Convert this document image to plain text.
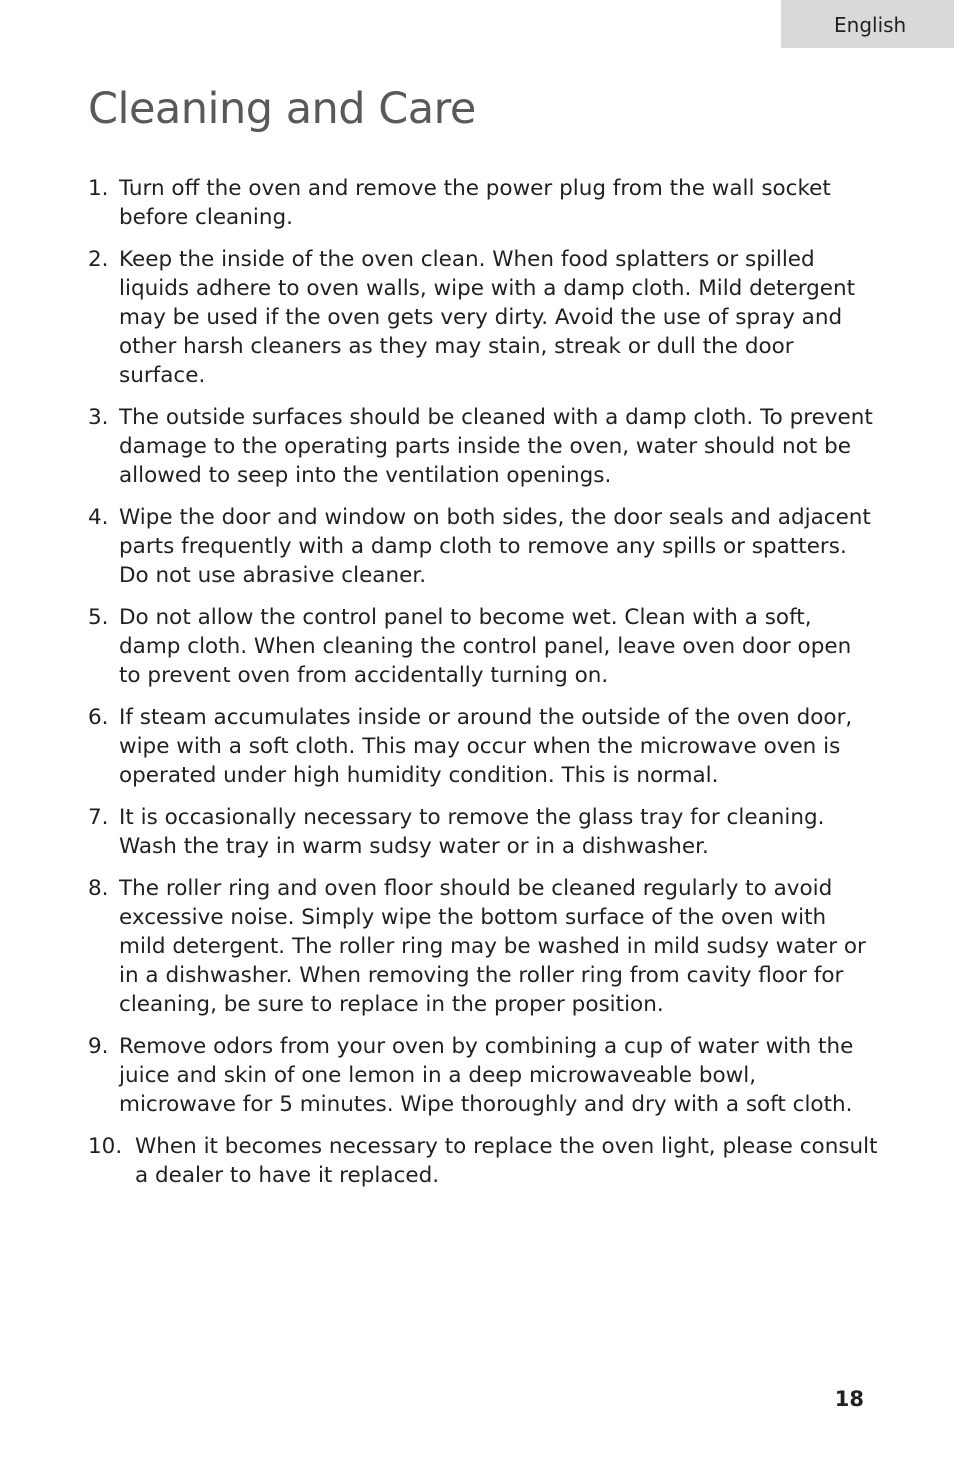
English
Cleaning and Care
1. Turn off the oven and remove the power plug from the wall socket before cleaning.
2. Keep the inside of the oven clean. When food splatters or spilled liquids adhere to oven walls, wipe with a damp cloth. Mild detergent may be used if the oven gets very dirty. Avoid the use of spray and other harsh cleaners as they may stain, streak or dull the door surface.
3. The outside surfaces should be cleaned with a damp cloth. To prevent damage to the operating parts inside the oven, water should not be allowed to seep into the ventilation openings.
4. Wipe the door and window on both sides, the door seals and adjacent parts frequently with a damp cloth to remove any spills or spatters. Do not use abrasive cleaner.
5. Do not allow the control panel to become wet. Clean with a soft, damp cloth. When cleaning the control panel, leave oven door open to prevent oven from accidentally turning on.
6. If steam accumulates inside or around the outside of the oven door, wipe with a soft cloth. This may occur when the microwave oven is operated under high humidity condition. This is normal.
7. It is occasionally necessary to remove the glass tray for cleaning. Wash the tray in warm sudsy water or in a dishwasher.
8. The roller ring and oven floor should be cleaned regularly to avoid excessive noise. Simply wipe the bottom surface of the oven with mild detergent. The roller ring may be washed in mild sudsy water or in a dishwasher. When removing the roller ring from cavity floor for cleaning, be sure to replace in the proper position.
9. Remove odors from your oven by combining a cup of water with the juice and skin of one lemon in a deep microwaveable bowl, microwave for 5 minutes. Wipe thoroughly and dry with a soft cloth.
10. When it becomes necessary to replace the oven light, please consult a dealer to have it replaced.
18
